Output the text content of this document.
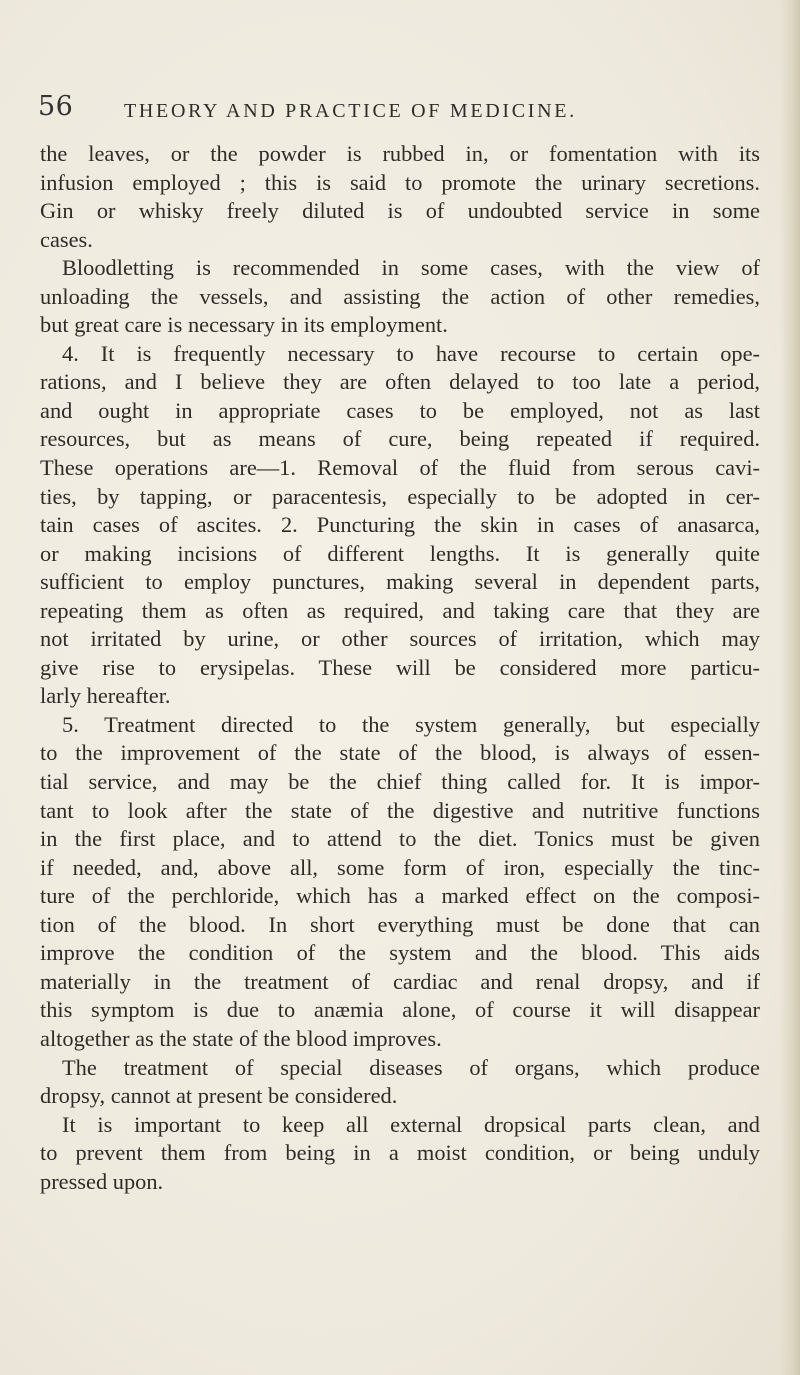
56	THEORY AND PRACTICE OF MEDICINE.
the leaves, or the powder is rubbed in, or fomentation with its
infusion employed ; this is said to promote the urinary secretions.
Gin or whisky freely diluted is of undoubted service in some
cases.
Bloodletting is recommended in some cases, with the view of
unloading the vessels, and assisting the action of other remedies,
but great care is necessary in its employment.
4. It is frequently necessary to have recourse to certain ope-
rations, and I believe they are often delayed to too late a period,
and ought in appropriate cases to be employed, not as last
resources, but as means of cure, being repeated if required.
These operations are—1. Removal of the fluid from serous cavi-
ties, by tapping, or paracentesis, especially to be adopted in cer-
tain cases of ascites. 2. Puncturing the skin in cases of anasarca,
or making incisions of different lengths. It is generally quite
sufficient to employ punctures, making several in dependent parts,
repeating them as often as required, and taking care that they are
not irritated by urine, or other sources of irritation, which may
give rise to erysipelas. These will be considered more particu-
larly hereafter.
5. Treatment directed to the system generally, but especially
to the improvement of the state of the blood, is always of essen-
tial service, and may be the chief thing called for. It is impor-
tant to look after the state of the digestive and nutritive functions
in the first place, and to attend to the diet. Tonics must be given
if needed, and, above all, some form of iron, especially the tinc-
ture of the perchloride, which has a marked effect on the composi-
tion of the blood. In short everything must be done that can
improve the condition of the system and the blood. This aids
materially in the treatment of cardiac and renal dropsy, and if
this symptom is due to anæmia alone, of course it will disappear
altogether as the state of the blood improves.
The treatment of special diseases of organs, which produce
dropsy, cannot at present be considered.
It is important to keep all external dropsical parts clean, and
to prevent them from being in a moist condition, or being unduly
pressed upon.
